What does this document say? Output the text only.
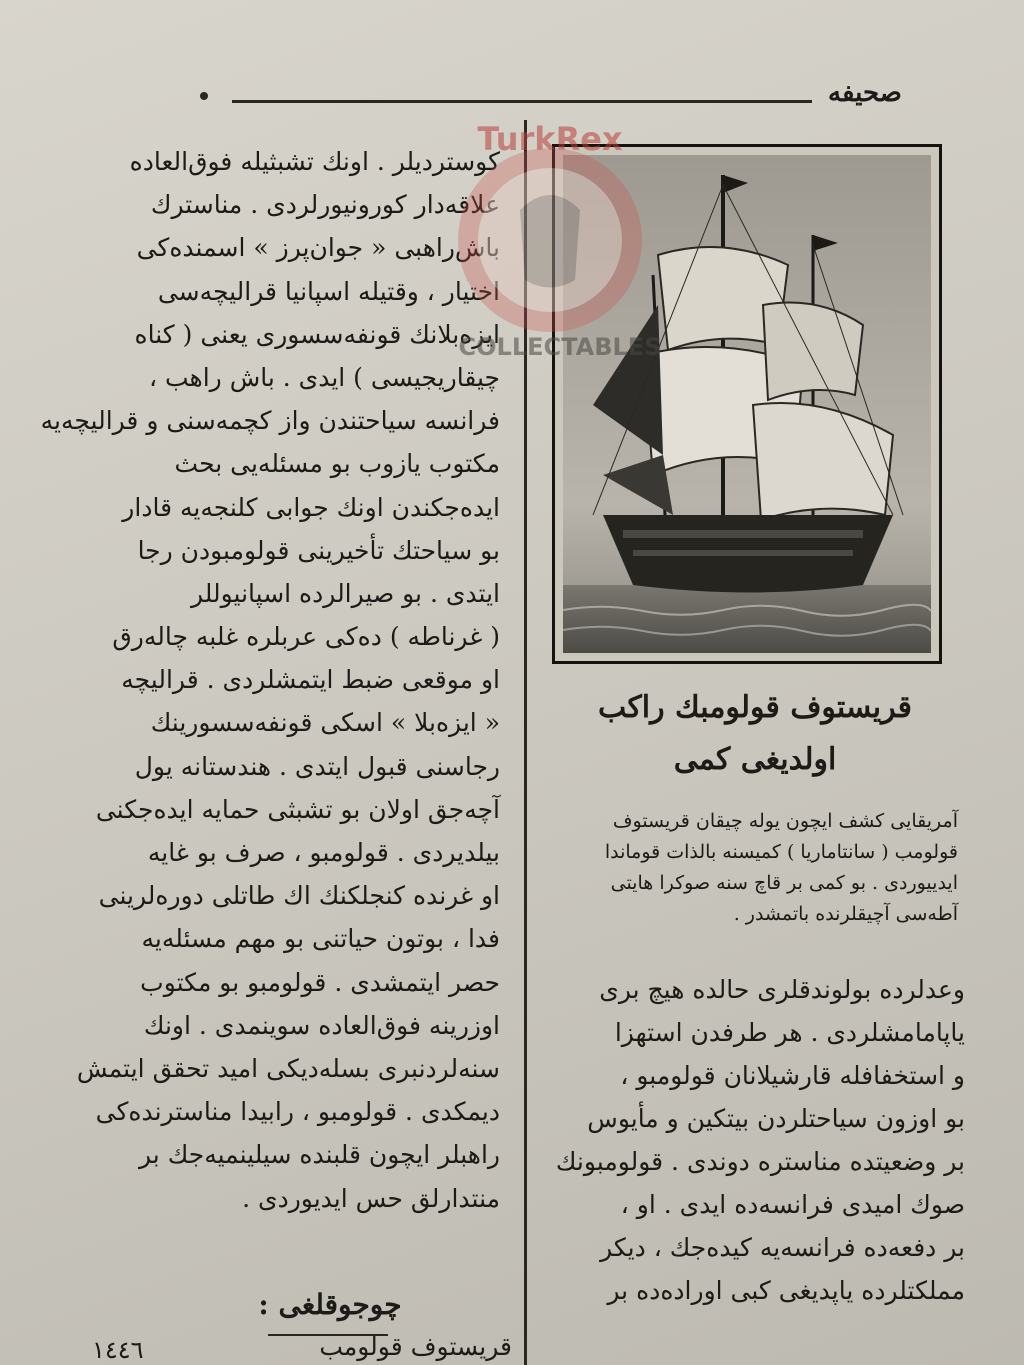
صحيفه
کوستردیلر . اونك تشبثیله فوق‌العاده
علاقه‌دار کورونیورلردی . مناسترك
باش‌راهبی « جوان‌پرز » اسمنده‌کی
اختیار ، وقتیله اسپانیا قرالیچه‌سی
ایزه‌بلانك قونفه‌سسوری یعنی ( کناه
چیقاریجیسی ) ایدی . باش راهب ،
فرانسه سیاحتندن واز کچمه‌سنی و قرالیچه‌یه
مکتوب یازوب بو مسئله‌یی بحث
ایده‌جکندن اونك جوابی کلنجه‌یه قادار
بو سیاحتك تأخیرینی قولومبودن رجا
ایتدی . بو صیرالرده اسپانیوللر
( غرناطه ) ده‌کی عربلره غلبه چالەرق
او موقعی ضبط ایتمشلردی . قرالیچه
« ایزه‌بلا » اسکی قونفه‌سسورینك
رجاسنی قبول ایتدی . هندستانه یول
آچه‌جق اولان بو تشبثی حمایه ایده‌جکنی
بیلدیردی . قولومبو ، صرف بو غایه
او غرنده کنجلکنك اك طاتلی دوره‌لرینی
فدا ، بوتون حیاتنی بو مهم مسئله‌یه
حصر ایتمشدی . قولومبو بو مکتوب
اوزرینه فوق‌العاده سوینمدی . اونك
سنه‌لردنبری بسله‌دیکی امید تحقق ایتمش
دیمکدی . قولومبو ، رابیدا مناسترنده‌کی
راهبلر ایچون قلبنده سیلینمیه‌جك بر
منتدارلق حس ایدیوردی .
چوجوقلغی :
قریستوف قولومب
١٤٤٦
قریستوف قولومبك راکب
اولدیغی کمی
آمریقایی کشف ایچون یوله چیقان قریستوف
قولومب ( سانتاماریا ) کمیسنه بالذات قوماندا
ایدییوردی . بو کمی بر قاچ سنه صوکرا هایتی
آطه‌سی آچیقلرنده باتمشدر .
وعدلرده بولوندقلری حالده هیچ بری
یاپامامشلردی . هر طرفدن استهزا
و استخفافله قارشیلانان قولومبو ،
بو اوزون سیاحتلردن بیتکین و مأیوس
بر وضعیتده مناستره دوندی . قولومبونك
صوك امیدی فرانسه‌ده ایدی . او ،
بر دفعه‌ده فرانسه‌یه کیده‌جك ، دیکر
مملکتلرده یاپدیغی کبی اوراده‌ده بر
TurkRex
COLLECTABLES
